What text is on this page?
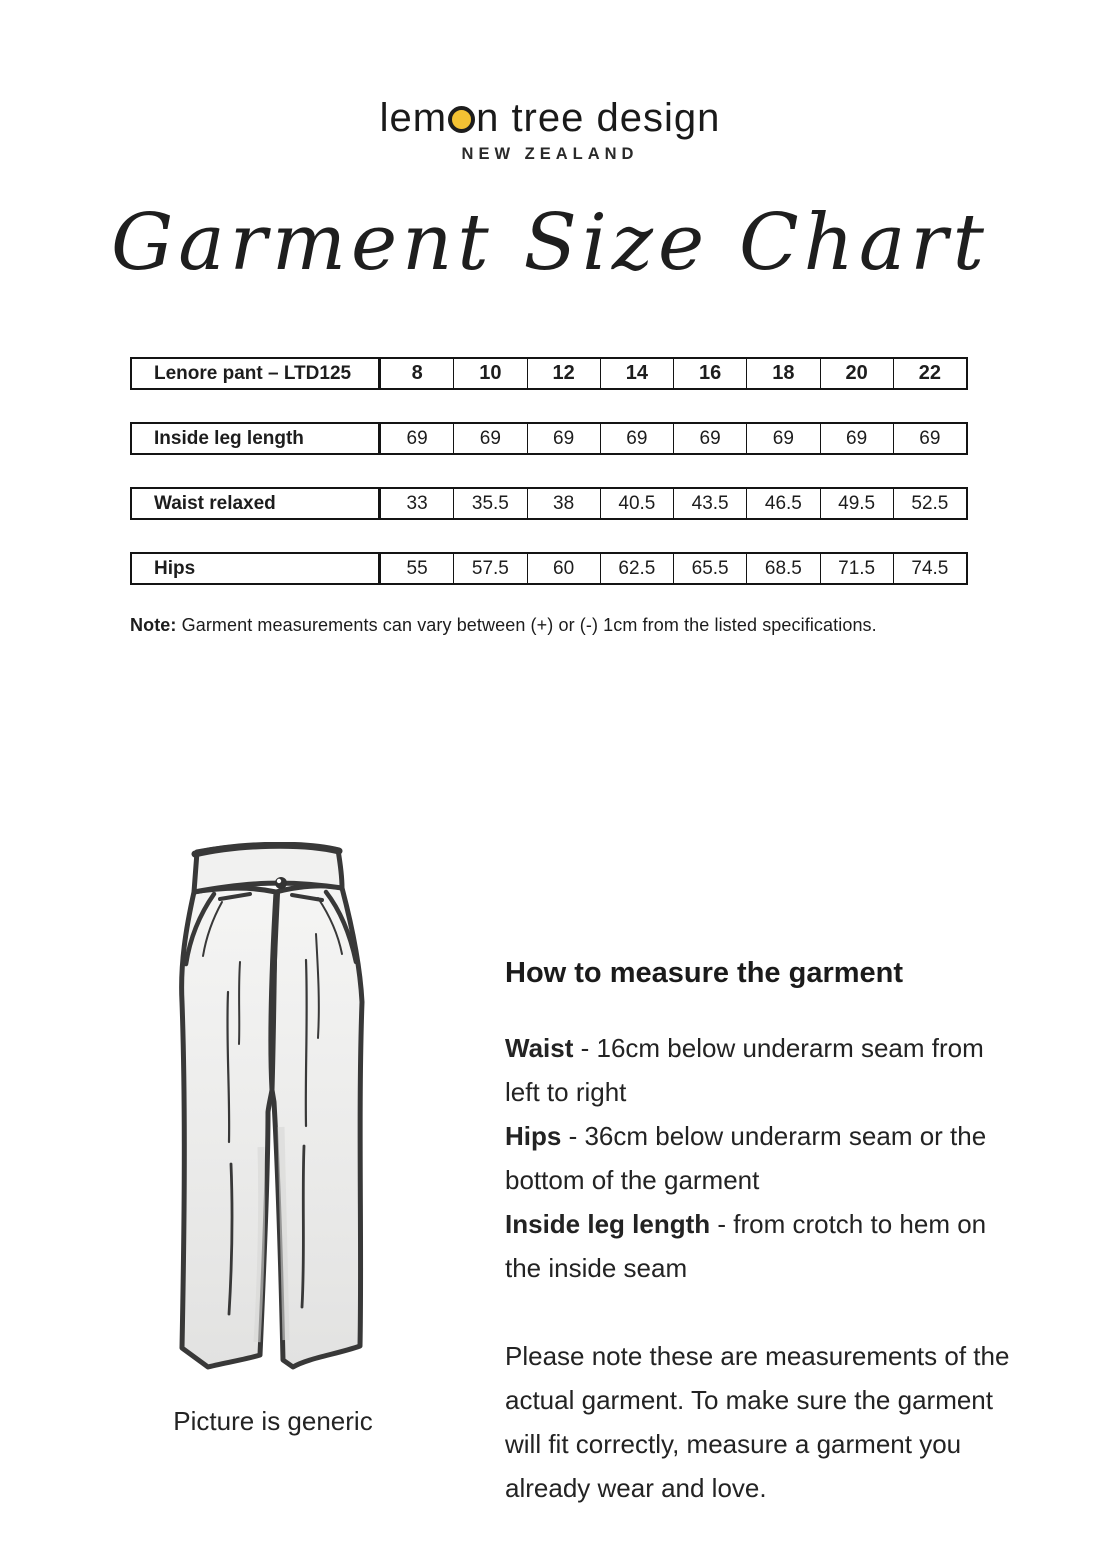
lem n tree design
NEW ZEALAND
Garment Size Chart
Lenore pant – LTD125	8	10	12	14	16	18	20	22
Inside leg length	69	69	69	69	69	69	69	69
Waist relaxed	33	35.5	38	40.5	43.5	46.5	49.5	52.5
Hips	55	57.5	60	62.5	65.5	68.5	71.5	74.5
Note: Garment measurements can vary between (+) or (-) 1cm from the listed specifications.
Picture is generic
How to measure the garment
Waist - 16cm below underarm seam from left to right
Hips - 36cm below underarm seam or the bottom of the garment
Inside leg length - from crotch to hem on the inside seam
Please note these are measurements of the actual garment. To make sure the garment will fit correctly, measure a garment you already wear and love.
